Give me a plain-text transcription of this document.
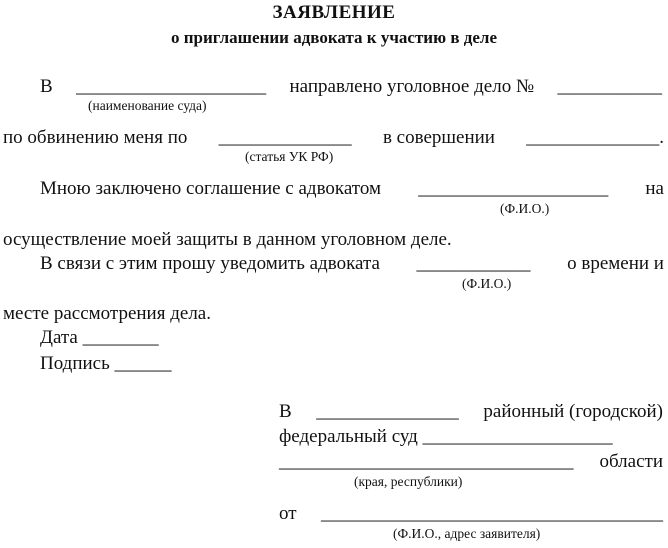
ЗАЯВЛЕНИЕ
о приглашении адвоката к участию в деле
В ____________________ направлено уголовное дело № ___________
(наименование суда)
по обвинению меня по ______________ в совершении ______________.
(статья УК РФ)
Мною заключено соглашение с адвокатом ____________________ на
(Ф.И.О.)
осуществление моей защиты в данном уголовном деле.
В связи с этим прошу уведомить адвоката ____________ о времени и
(Ф.И.О.)
месте рассмотрения дела.
Дата ________
Подпись ______
В _______________ районный (городской)
федеральный суд ____________________
_______________________________ области
(края, республики)
от ____________________________________
(Ф.И.О., адрес заявителя)
